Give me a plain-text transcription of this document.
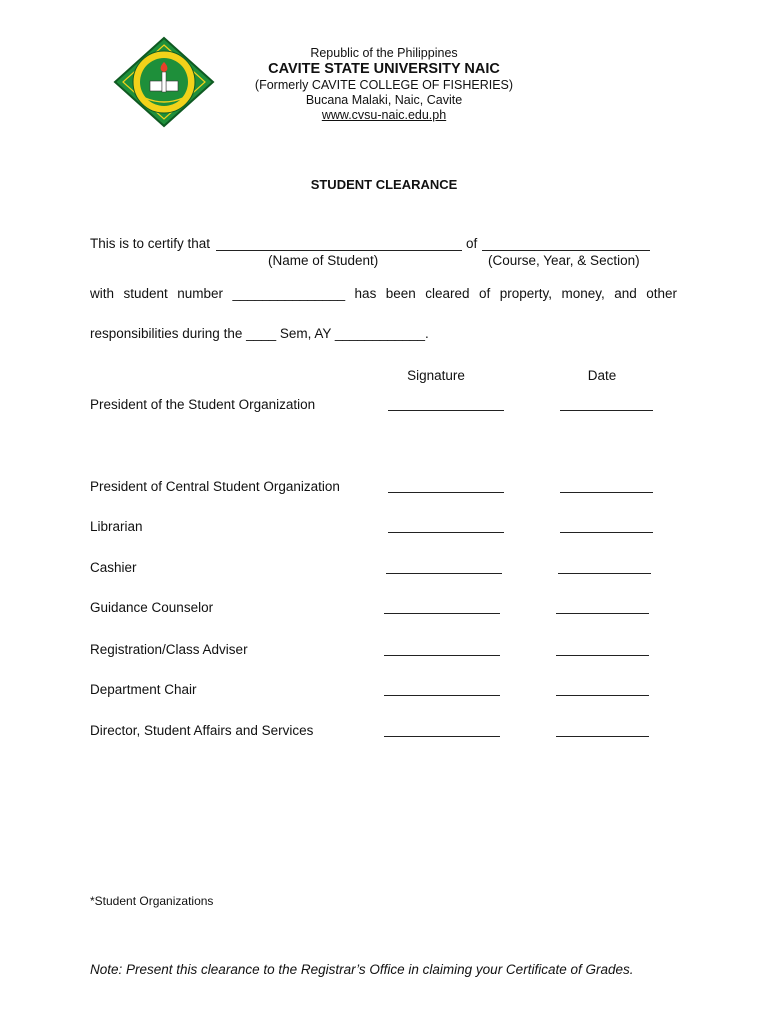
Republic of the Philippines
CAVITE STATE UNIVERSITY NAIC
(Formerly CAVITE COLLEGE OF FISHERIES)
Bucana Malaki, Naic, Cavite
www.cvsu-naic.edu.ph
STUDENT CLEARANCE
This is to certify that	of
(Name of Student)	(Course, Year, & Section)
with student number _______________ has been cleared of property, money, and other
responsibilities during the ____ Sem, AY ____________.
Signature	Date
President of the Student Organization
President of Central Student Organization
Librarian
Cashier
Guidance Counselor
Registration/Class Adviser
Department Chair
Director, Student Affairs and Services
*Student Organizations
Note: Present this clearance to the Registrar’s Office in claiming your Certificate of Grades.
